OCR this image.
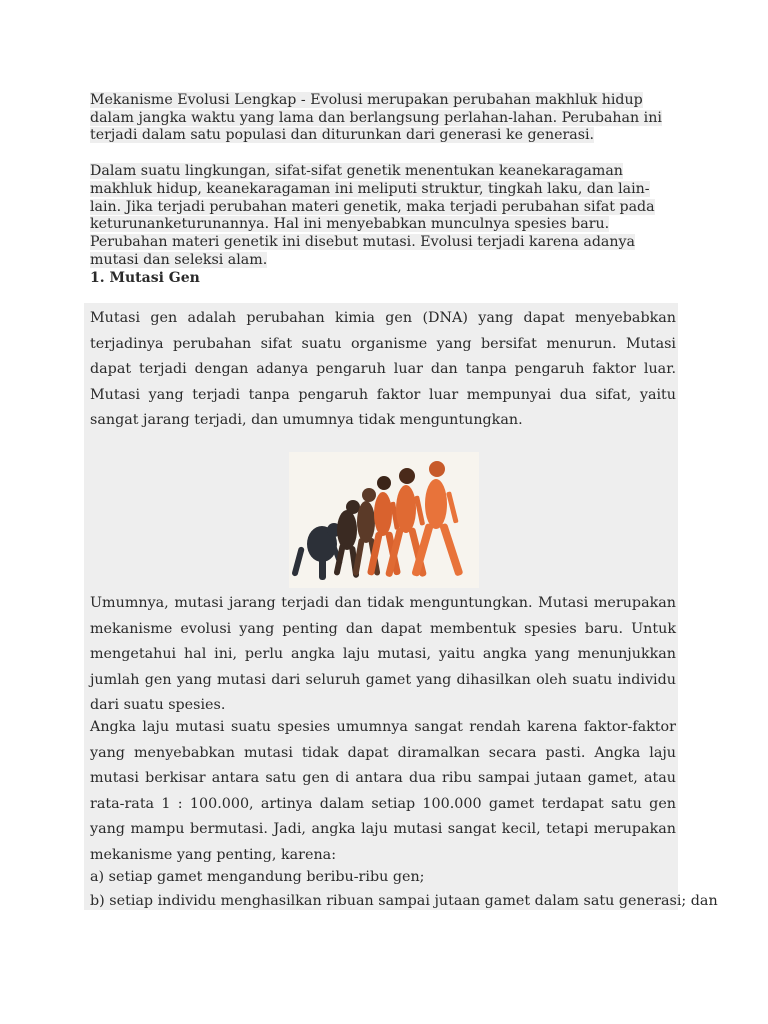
Mekanisme Evolusi Lengkap - Evolusi merupakan perubahan makhluk hidup dalam jangka waktu yang lama dan berlangsung perlahan-lahan. Perubahan ini terjadi dalam satu populasi dan diturunkan dari generasi ke generasi.
Dalam suatu lingkungan, sifat-sifat genetik menentukan keanekaragaman makhluk hidup, keanekaragaman ini meliputi struktur, tingkah laku, dan lain-lain. Jika terjadi perubahan materi genetik, maka terjadi perubahan sifat pada keturunanketurunannya. Hal ini menyebabkan munculnya spesies baru. Perubahan materi genetik ini disebut mutasi. Evolusi terjadi karena adanya mutasi dan seleksi alam.
1. Mutasi Gen
Mutasi gen adalah perubahan kimia gen (DNA) yang dapat menyebabkan terjadinya perubahan sifat suatu organisme yang bersifat menurun. Mutasi dapat terjadi dengan adanya pengaruh luar dan tanpa pengaruh faktor luar. Mutasi yang terjadi tanpa pengaruh faktor luar mempunyai dua sifat, yaitu sangat jarang terjadi, dan umumnya tidak menguntungkan.
Umumnya, mutasi jarang terjadi dan tidak menguntungkan. Mutasi merupakan mekanisme evolusi yang penting dan dapat membentuk spesies baru. Untuk mengetahui hal ini, perlu angka laju mutasi, yaitu angka yang menunjukkan jumlah gen yang mutasi dari seluruh gamet yang dihasilkan oleh suatu individu dari suatu spesies.
Angka laju mutasi suatu spesies umumnya sangat rendah karena faktor-faktor yang menyebabkan mutasi tidak dapat diramalkan secara pasti. Angka laju mutasi berkisar antara satu gen di antara dua ribu sampai jutaan gamet, atau rata-rata 1 : 100.000, artinya dalam setiap 100.000 gamet terdapat satu gen yang mampu bermutasi. Jadi, angka laju mutasi sangat kecil, tetapi merupakan mekanisme yang penting, karena:
a) setiap gamet mengandung beribu-ribu gen;
b) setiap individu menghasilkan ribuan sampai jutaan gamet dalam satu generasi; dan
